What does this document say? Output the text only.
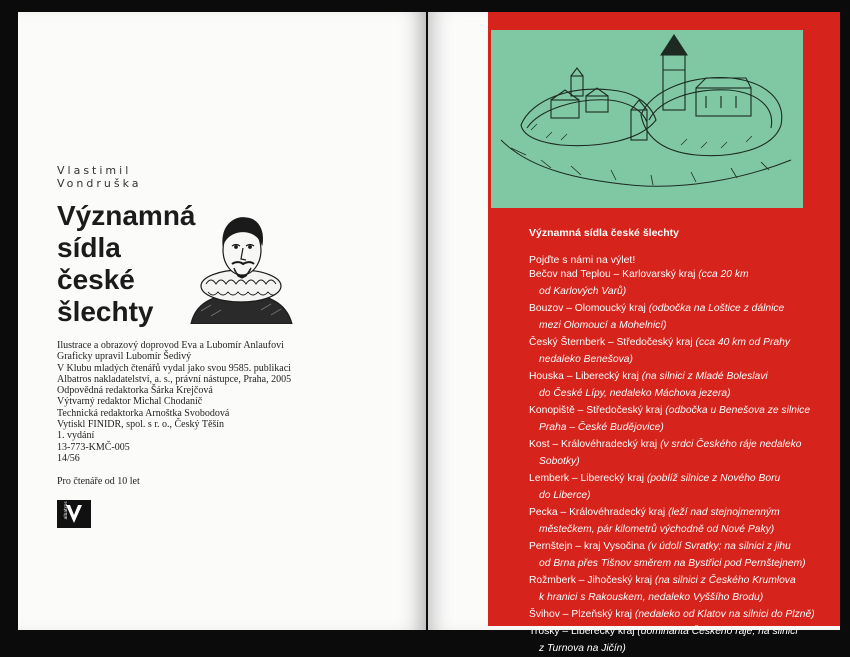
Vlastimil
Vondruška
Významná
sídla
české
šlechty
Ilustrace a obrazový doprovod Eva a Lubomír Anlaufovi
Graficky upravil Lubomír Šedivý
V Klubu mladých čtenářů vydal jako svou 9585. publikaci
Albatros nakladatelství, a. s., právní nástupce, Praha, 2005
Odpovědná redaktorka Šárka Krejčová
Výtvarný redaktor Michal Chodaníč
Technická redaktorka Arnoštka Svobodová
Vytiskl FINIDR, spol. s r. o., Český Těšín
1. vydání
13-773-KMČ-005
14/56
Pro čtenáře od 10 let
albatros
Významná sídla české šlechty
Pojďte s námi na výlet!
Bečov nad Teplou – Karlovarský kraj (cca 20 km
od Karlových Varů)
Bouzov – Olomoucký kraj (odbočka na Loštice z dálnice
mezi Olomoucí a Mohelnicí)
Český Šternberk – Středočeský kraj (cca 40 km od Prahy
nedaleko Benešova)
Houska – Liberecký kraj (na silnici z Mladé Boleslavi
do České Lípy, nedaleko Máchova jezera)
Konopiště – Středočeský kraj (odbočka u Benešova ze silnice
Praha – České Budějovice)
Kost – Královéhradecký kraj (v srdci Českého ráje nedaleko
Sobotky)
Lemberk – Liberecký kraj (poblíž silnice z Nového Boru
do Liberce)
Pecka – Královéhradecký kraj (leží nad stejnojmenným
městečkem, pár kilometrů východně od Nové Paky)
Pernštejn – kraj Vysočina (v údolí Svratky; na silnici z jihu
od Brna přes Tišnov směrem na Bystřici pod Pernštejnem)
Rožmberk – Jihočeský kraj (na silnici z Českého Krumlova
k hranici s Rakouskem, nedaleko Vyššího Brodu)
Švihov – Plzeňský kraj (nedaleko od Klatov na silnici do Plzně)
Trosky – Liberecký kraj (dominanta Českého ráje; na silnici
z Turnova na Jičín)
